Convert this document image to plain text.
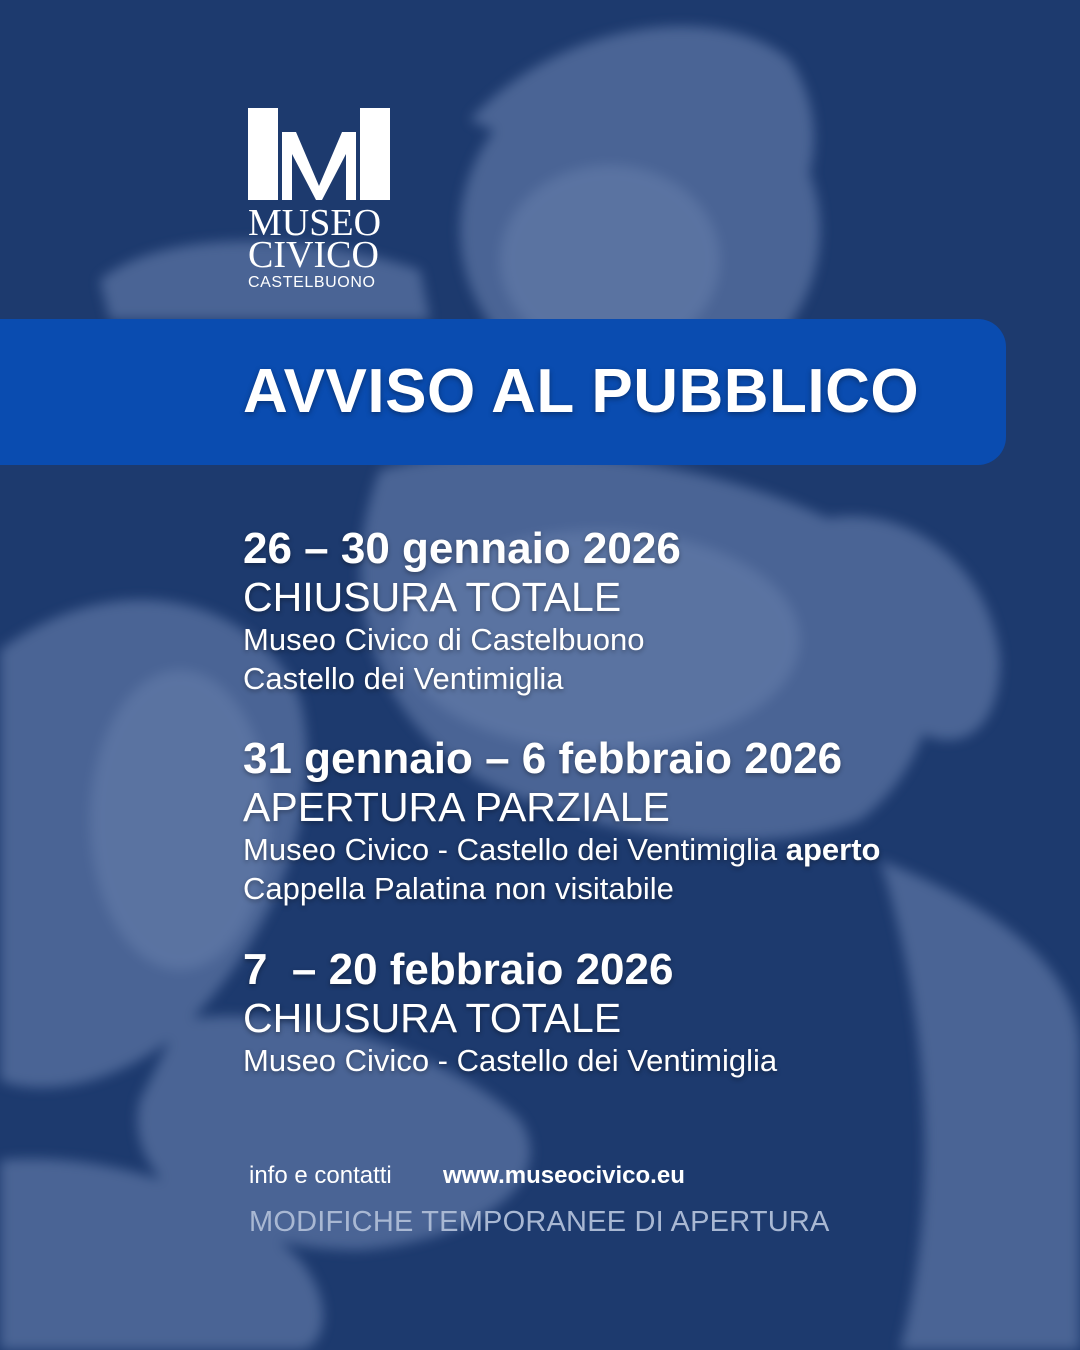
MUSEO
CIVICO
CASTELBUONO
AVVISO AL PUBBLICO
26 – 30 gennaio 2026
CHIUSURA TOTALE
Museo Civico di Castelbuono
Castello dei Ventimiglia
31 gennaio – 6 febbraio 2026
APERTURA PARZIALE
Museo Civico - Castello dei Ventimiglia aperto
Cappella Palatina non visitabile
7  – 20 febbraio 2026
CHIUSURA TOTALE
Museo Civico - Castello dei Ventimiglia
info e contatti www.museocivico.eu
MODIFICHE TEMPORANEE DI APERTURA
